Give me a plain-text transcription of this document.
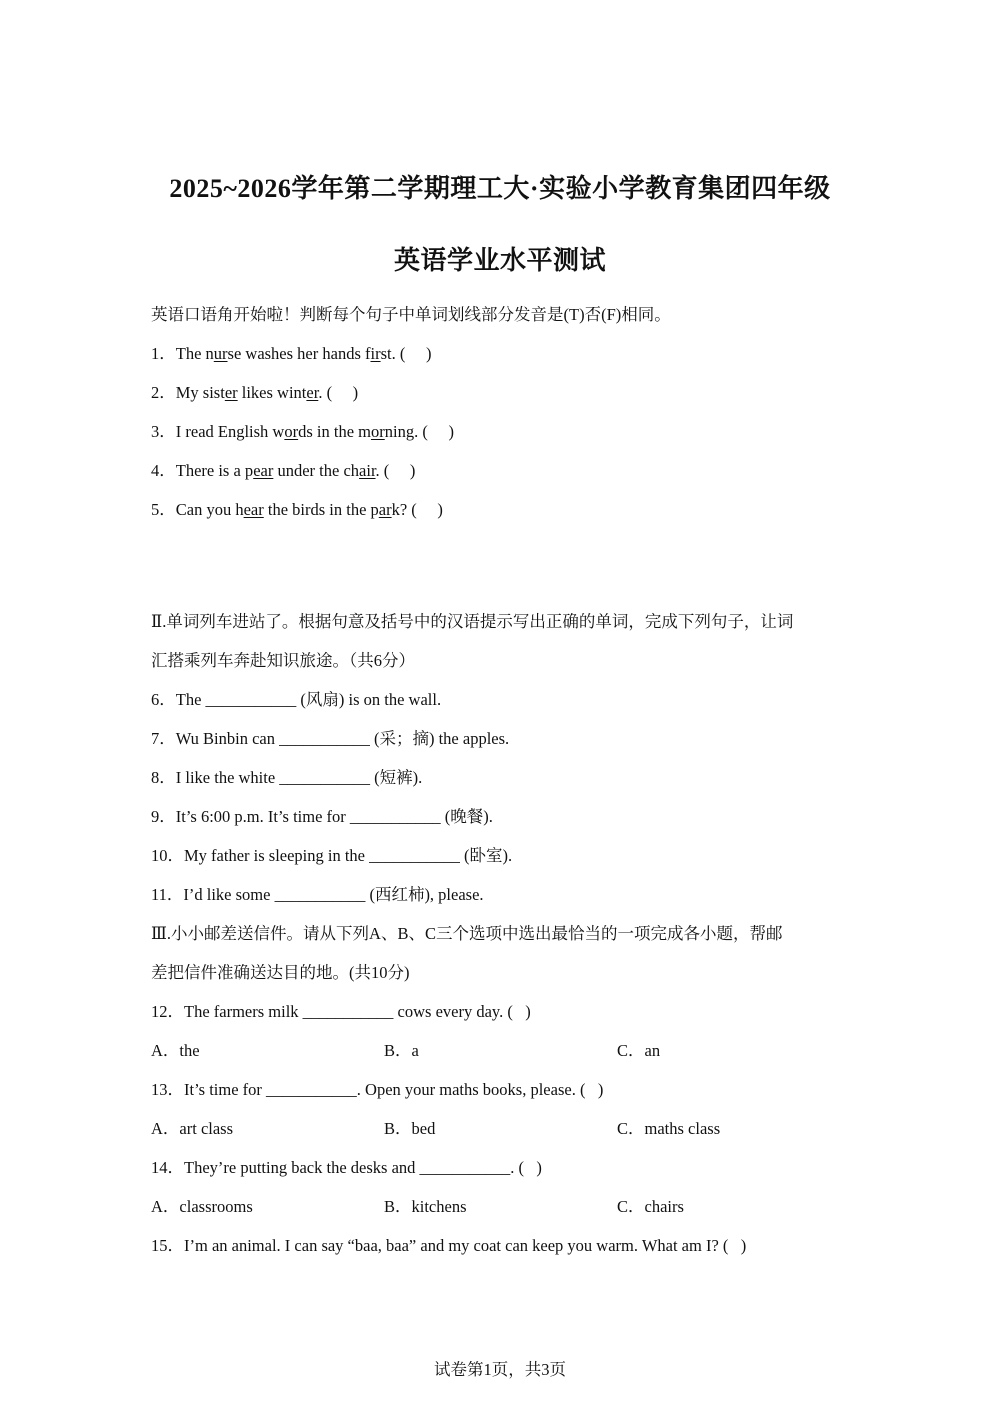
2025~2026学年第二学期理工大·实验小学教育集团四年级
英语学业水平测试
英语口语角开始啦！判断每个句子中单词划线部分发音是(T)否(F)相同。
1．The nurse washes her hands first. (  )
2．My sister likes winter. (  )
3．I read English words in the morning. (  )
4．There is a pear under the chair. (  )
5．Can you hear the birds in the park? (  )
Ⅱ.单词列车进站了。根据句意及括号中的汉语提示写出正确的单词，完成下列句子，让词
汇搭乘列车奔赴知识旅途。（共6分）
6．The ___________ (风扇) is on the wall.
7．Wu Binbin can ___________ (采；摘) the apples.
8．I like the white ___________ (短裤).
9．It’s 6:00 p.m. It’s time for ___________ (晚餐).
10．My father is sleeping in the ___________ (卧室).
11．I’d like some ___________ (西红柿), please.
Ⅲ.小小邮差送信件。请从下列A、B、C三个选项中选出最恰当的一项完成各小题，帮邮
差把信件准确送达目的地。(共10分)
12．The farmers milk ___________ cows every day. (  )
A．the	B．a	C．an
13．It’s time for ___________. Open your maths books, please. (  )
A．art class	B．bed	C．maths class
14．They’re putting back the desks and ___________. (  )
A．classrooms	B．kitchens	C．chairs
15．I’m an animal. I can say “baa, baa” and my coat can keep you warm. What am I? (  )
试卷第1页，共3页
